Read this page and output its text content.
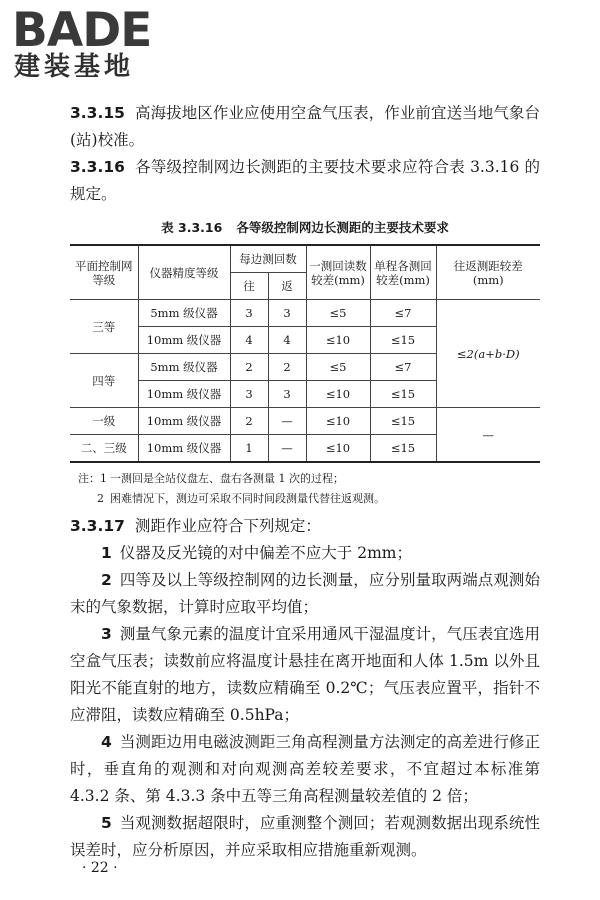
BADE
建装基地

3.3.15 高海拔地区作业应使用空盒气压表，作业前宜送当地气象台(站)校准。

3.3.16 各等级控制网边长测距的主要技术要求应符合表 3.3.16 的规定。

表 3.3.16 各等级控制网边长测距的主要技术要求
平面控制网等级	仪器精度等级	每边测回数		一测回读数较差(mm)	单程各测回较差(mm)	往返测距较差(mm)
		往	返			
三等	5mm 级仪器	3	3	≤5	≤7	≤2(a+b·D)
	10mm 级仪器	4	4	≤10	≤15	
四等	5mm 级仪器	2	2	≤5	≤7	
	10mm 级仪器	3	3	≤10	≤15	
一级	10mm 级仪器	2	—	≤10	≤15	—
二、三级	10mm 级仪器	1	—	≤10	≤15	
注：1 一测回是全站仪盘左、盘右各测量 1 次的过程；
2 困难情况下，测边可采取不同时间段测量代替往返观测。

3.3.17 测距作业应符合下列规定：

1 仪器及反光镜的对中偏差不应大于 2mm；

2 四等及以上等级控制网的边长测量，应分别量取两端点观测始末的气象数据，计算时应取平均值；

3 测量气象元素的温度计宜采用通风干湿温度计，气压表宜选用空盒气压表；读数前应将温度计悬挂在离开地面和人体 1.5m 以外且阳光不能直射的地方，读数应精确至 0.2℃；气压表应置平，指针不应滞阻，读数应精确至 0.5hPa；

4 当测距边用电磁波测距三角高程测量方法测定的高差进行修正时，垂直角的观测和对向观测高差较差要求，不宜超过本标准第 4.3.2 条、第 4.3.3 条中五等三角高程测量较差值的 2 倍；

5 当观测数据超限时，应重测整个测回；若观测数据出现系统性误差时，应分析原因，并应采取相应措施重新观测。

· 22 ·
